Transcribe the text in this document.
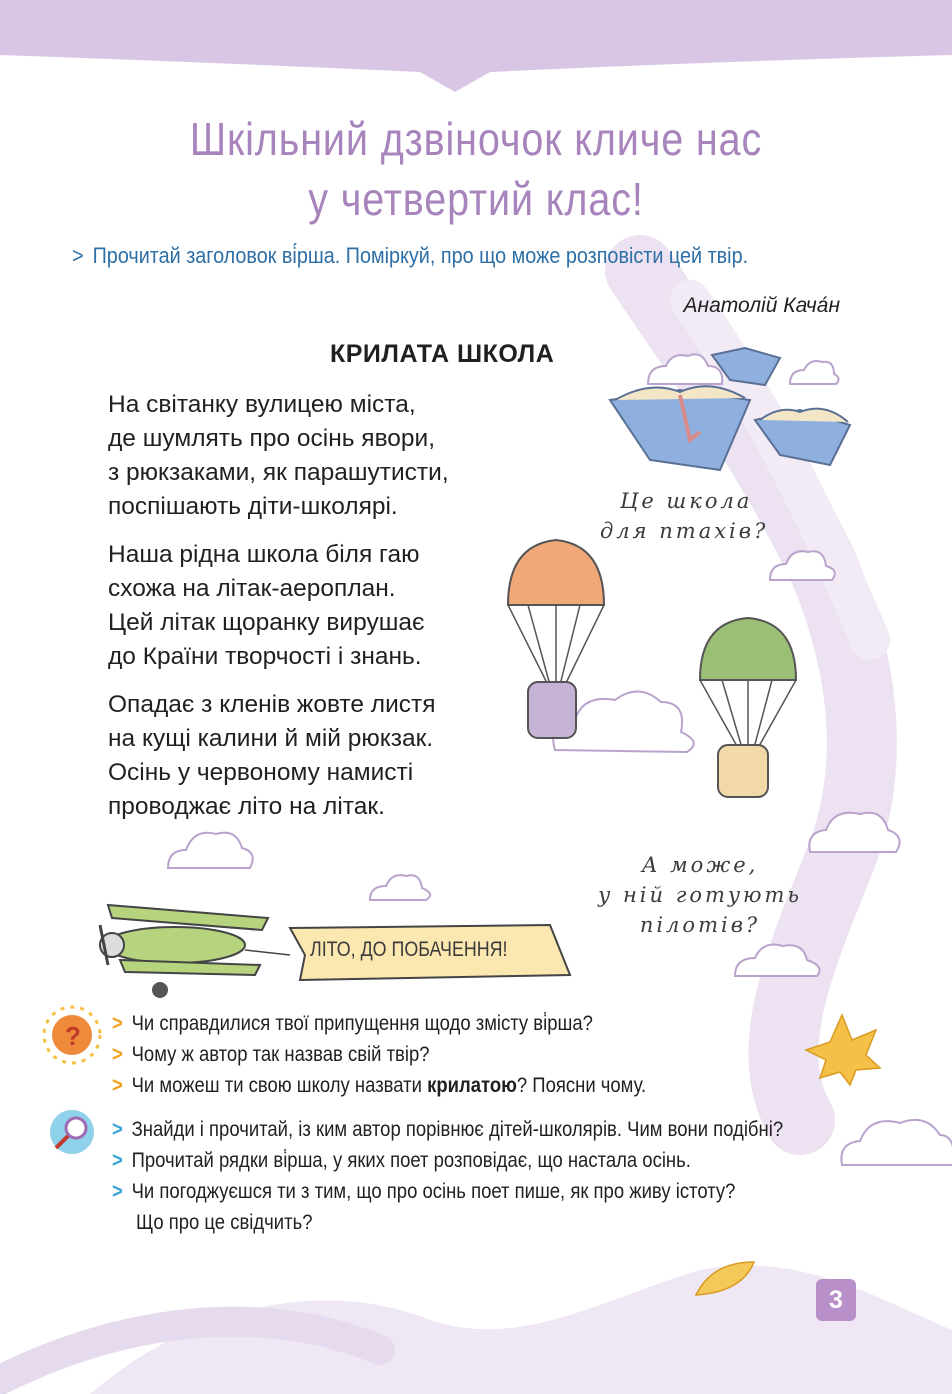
?
Шкільний дзвіночок кличе нас
у четвертий клас!
> Прочитай заголовок ві́рша. Поміркуй, про що може розповісти цей твір.
Анатолій Кача́н
КРИЛАТА ШКОЛА
На світанку вулицею міста,
де шумлять про осінь явори,
з рюкзаками, як парашутисти,
поспішають діти-школярі.
Наша рідна школа біля гаю
схожа на літак-аероплан.
Цей літак щоранку вирушає
до Країни творчості і знань.
Опадає з кленів жовте листя
на кущі калини й мій рюкзак.
Осінь у червоному намисті
проводжає літо на літак.
Це школа
для птахів?
А може,
у ній готують
пілотів?
ЛІТО, ДО ПОБАЧЕННЯ!
> Чи справдилися твої припущення щодо змісту ві́рша?
> Чому ж автор так назвав свій твір?
> Чи можеш ти свою школу назвати крилатою? Поясни чому.
> Знайди і прочитай, із ким автор порівнює дітей-школярів. Чим вони подібні?
> Прочитай рядки ві́рша, у яких поет розповідає, що настала осінь.
> Чи погоджуєшся ти з тим, що про осінь поет пише, як про живу істоту?
Що про це свідчить?
3
